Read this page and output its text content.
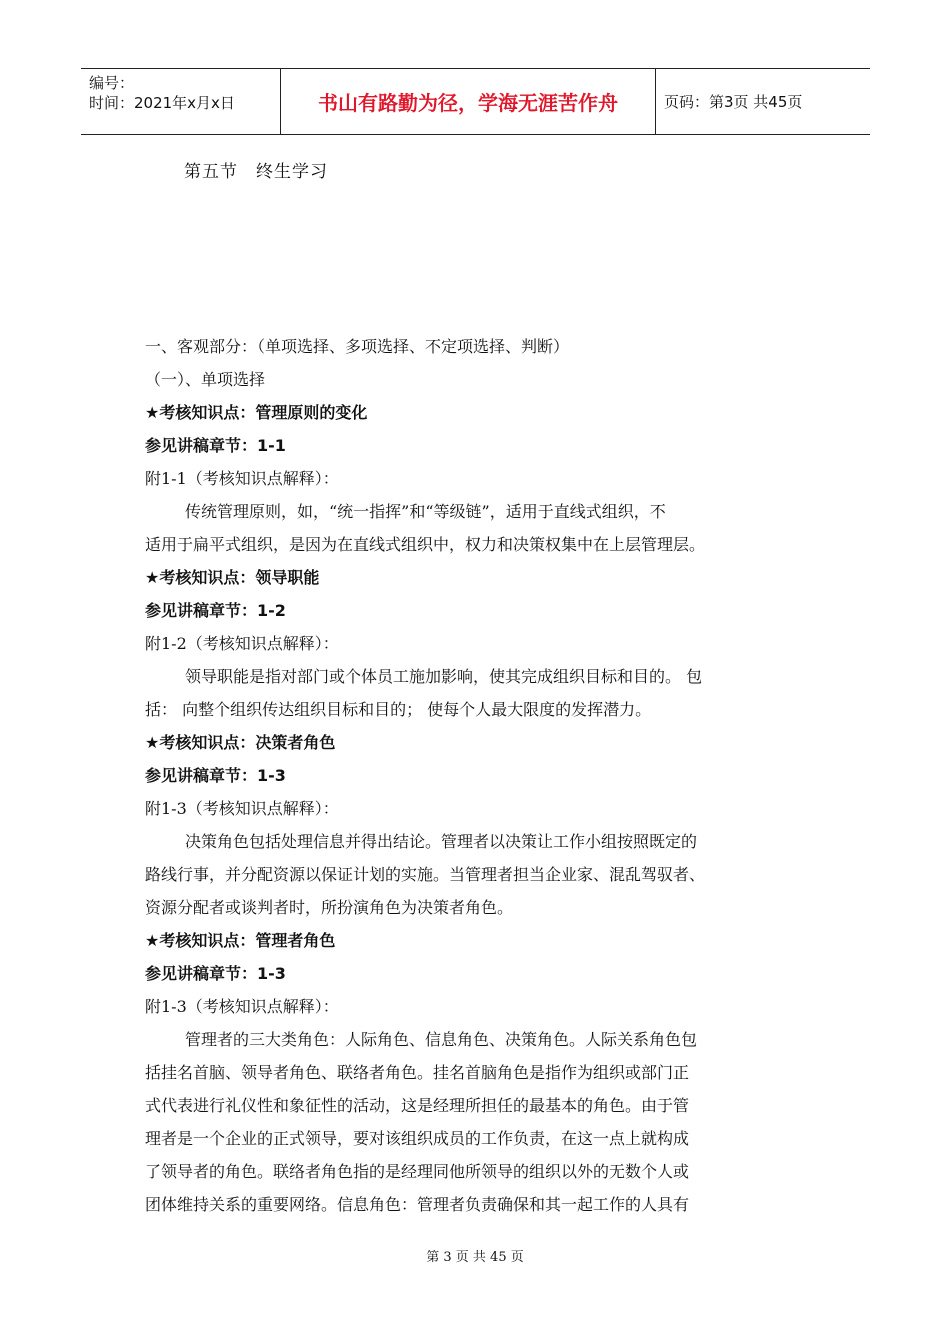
编号：
时间：2021年x月x日	书山有路勤为径，学海无涯苦作舟	页码：第3页 共45页
第五节　终生学习
一、客观部分：（单项选择、多项选择、不定项选择、判断）
（一）、单项选择
★考核知识点：管理原则的变化
参见讲稿章节：1-1
附1-1（考核知识点解释）：
传统管理原则，如，“统一指挥”和“等级链”，适用于直线式组织，不
适用于扁平式组织，是因为在直线式组织中，权力和决策权集中在上层管理层。
★考核知识点：领导职能
参见讲稿章节：1-2
附1-2（考核知识点解释）：
领导职能是指对部门或个体员工施加影响，使其完成组织目标和目的。 包
括： 向整个组织传达组织目标和目的； 使每个人最大限度的发挥潜力。
★考核知识点：决策者角色
参见讲稿章节：1-3
附1-3（考核知识点解释）：
决策角色包括处理信息并得出结论。管理者以决策让工作小组按照既定的
路线行事，并分配资源以保证计划的实施。当管理者担当企业家、混乱驾驭者、
资源分配者或谈判者时，所扮演角色为决策者角色。
★考核知识点：管理者角色
参见讲稿章节：1-3
附1-3（考核知识点解释）：
管理者的三大类角色：人际角色、信息角色、决策角色。人际关系角色包
括挂名首脑、领导者角色、联络者角色。挂名首脑角色是指作为组织或部门正
式代表进行礼仪性和象征性的活动，这是经理所担任的最基本的角色。由于管
理者是一个企业的正式领导，要对该组织成员的工作负责，在这一点上就构成
了领导者的角色。联络者角色指的是经理同他所领导的组织以外的无数个人或
团体维持关系的重要网络。信息角色：管理者负责确保和其一起工作的人具有
第 3 页 共 45 页
